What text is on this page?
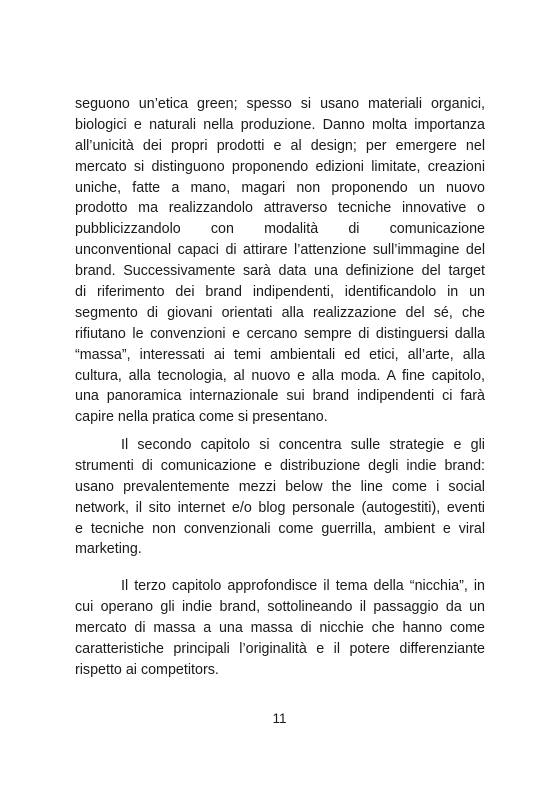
seguono un’etica green; spesso si usano materiali organici,
biologici e naturali nella produzione. Danno molta importanza
all’unicità dei propri prodotti e al design; per emergere nel
mercato si distinguono proponendo edizioni limitate, creazioni
uniche, fatte a mano, magari non proponendo un nuovo
prodotto ma realizzandolo attraverso tecniche innovative o
pubblicizzandolo con modalità di comunicazione
unconventional capaci di attirare l’attenzione sull’immagine del
brand. Successivamente sarà data una definizione del target
di riferimento dei brand indipendenti, identificandolo in un
segmento di giovani orientati alla realizzazione del sé, che
rifiutano le convenzioni e cercano sempre di distinguersi dalla
“massa”, interessati ai temi ambientali ed etici, all’arte, alla
cultura, alla tecnologia, al nuovo e alla moda. A fine capitolo,
una panoramica internazionale sui brand indipendenti ci farà
capire nella pratica come si presentano.
Il secondo capitolo si concentra sulle strategie e gli
strumenti di comunicazione e distribuzione degli indie brand:
usano prevalentemente mezzi below the line come i social
network, il sito internet e/o blog personale (autogestiti), eventi
e tecniche non convenzionali come guerrilla, ambient e viral
marketing.
Il terzo capitolo approfondisce il tema della “nicchia”, in
cui operano gli indie brand, sottolineando il passaggio da un
mercato di massa a una massa di nicchie che hanno come
caratteristiche principali l’originalità e il potere differenziante
rispetto ai competitors.
11
